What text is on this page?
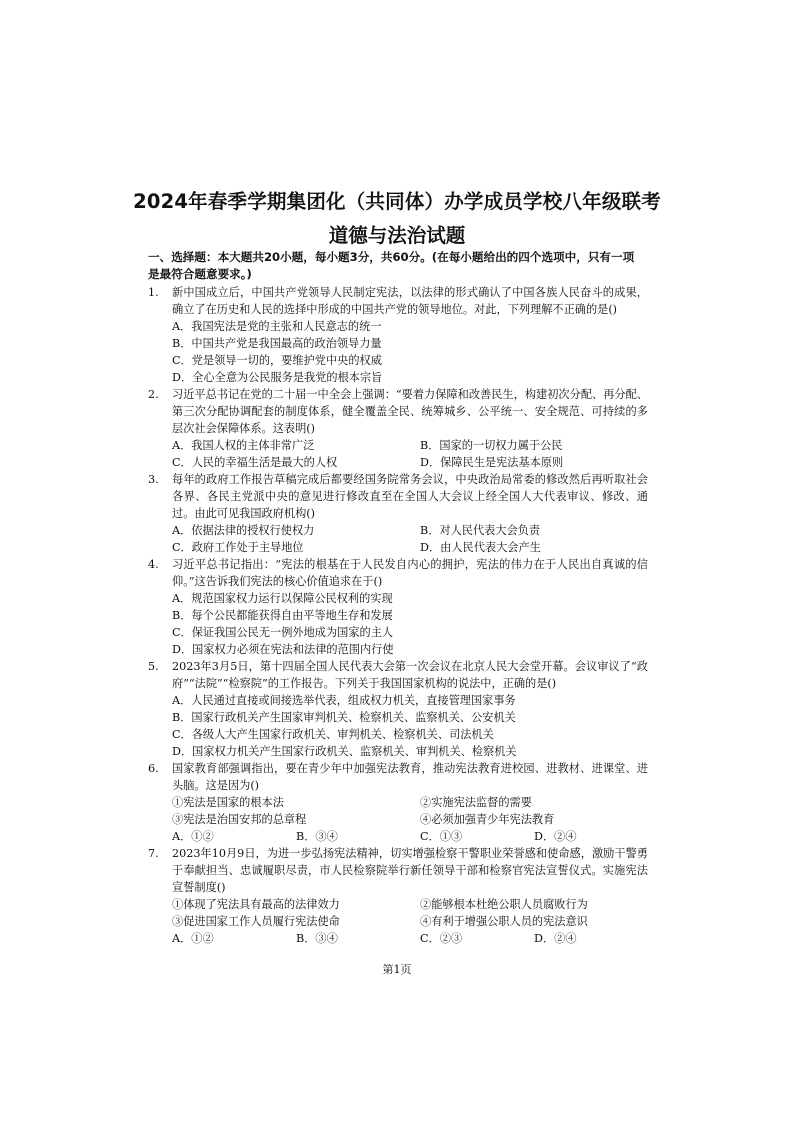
2024年春季学期集团化（共同体）办学成员学校八年级联考
道德与法治试题
一、选择题：本大题共20小题，每小题3分，共60分。(在每小题给出的四个选项中，只有一项是最符合题意要求。)
1. 新中国成立后，中国共产党领导人民制定宪法，以法律的形式确认了中国各族人民奋斗的成果，确立了在历史和人民的选择中形成的中国共产党的领导地位。对此，下列理解不正确的是()
A．我国宪法是党的主张和人民意志的统一
B．中国共产党是我国最高的政治领导力量
C．党是领导一切的，要维护党中央的权威
D．全心全意为公民服务是我党的根本宗旨
2. 习近平总书记在党的二十届一中全会上强调：“要着力保障和改善民生，构建初次分配、再分配、第三次分配协调配套的制度体系，健全覆盖全民、统筹城乡、公平统一、安全规范、可持续的多层次社会保障体系。这表明()
A．我国人权的主体非常广泛	B．国家的一切权力属于公民
C．人民的幸福生活是最大的人权	D．保障民生是宪法基本原则
3. 每年的政府工作报告草稿完成后都要经国务院常务会议，中央政治局常委的修改然后再听取社会各界、各民主党派中央的意见进行修改直至在全国人大会议上经全国人大代表审议、修改、通过。由此可见我国政府机构()
A．依据法律的授权行使权力	B．对人民代表大会负责
C．政府工作处于主导地位	D．由人民代表大会产生
4. 习近平总书记指出：“宪法的根基在于人民发自内心的拥护，宪法的伟力在于人民出自真诚的信仰。”这告诉我们宪法的核心价值追求在于()
A．规范国家权力运行以保障公民权利的实现
B．每个公民都能获得自由平等地生存和发展
C．保证我国公民无一例外地成为国家的主人
D．国家权力必须在宪法和法律的范围内行使
5. 2023年3月5日，第十四届全国人民代表大会第一次会议在北京人民大会堂开幕。会议审议了“政府”“法院”“检察院”的工作报告。下列关于我国国家机构的说法中，正确的是()
A．人民通过直接或间接选举代表，组成权力机关，直接管理国家事务
B．国家行政机关产生国家审判机关、检察机关、监察机关、公安机关
C．各级人大产生国家行政机关、审判机关、检察机关、司法机关
D．国家权力机关产生国家行政机关、监察机关、审判机关、检察机关
6. 国家教育部强调指出，要在青少年中加强宪法教育，推动宪法教育进校园、进教材、进课堂、进头脑。这是因为()
①宪法是国家的根本法	②实施宪法监督的需要
③宪法是治国安邦的总章程	④必须加强青少年宪法教育
A．①②	B．③④	C．①③	D．②④
7. 2023年10月9日，为进一步弘扬宪法精神，切实增强检察干警职业荣誉感和使命感，激励干警勇于奉献担当、忠诚履职尽责，市人民检察院举行新任领导干部和检察官宪法宣誓仪式。实施宪法宣誓制度()
①体现了宪法具有最高的法律效力	②能够根本杜绝公职人员腐败行为
③促进国家工作人员履行宪法使命	④有利于增强公职人员的宪法意识
A．①②	B．③④	C．②③	D．②④
第1页
